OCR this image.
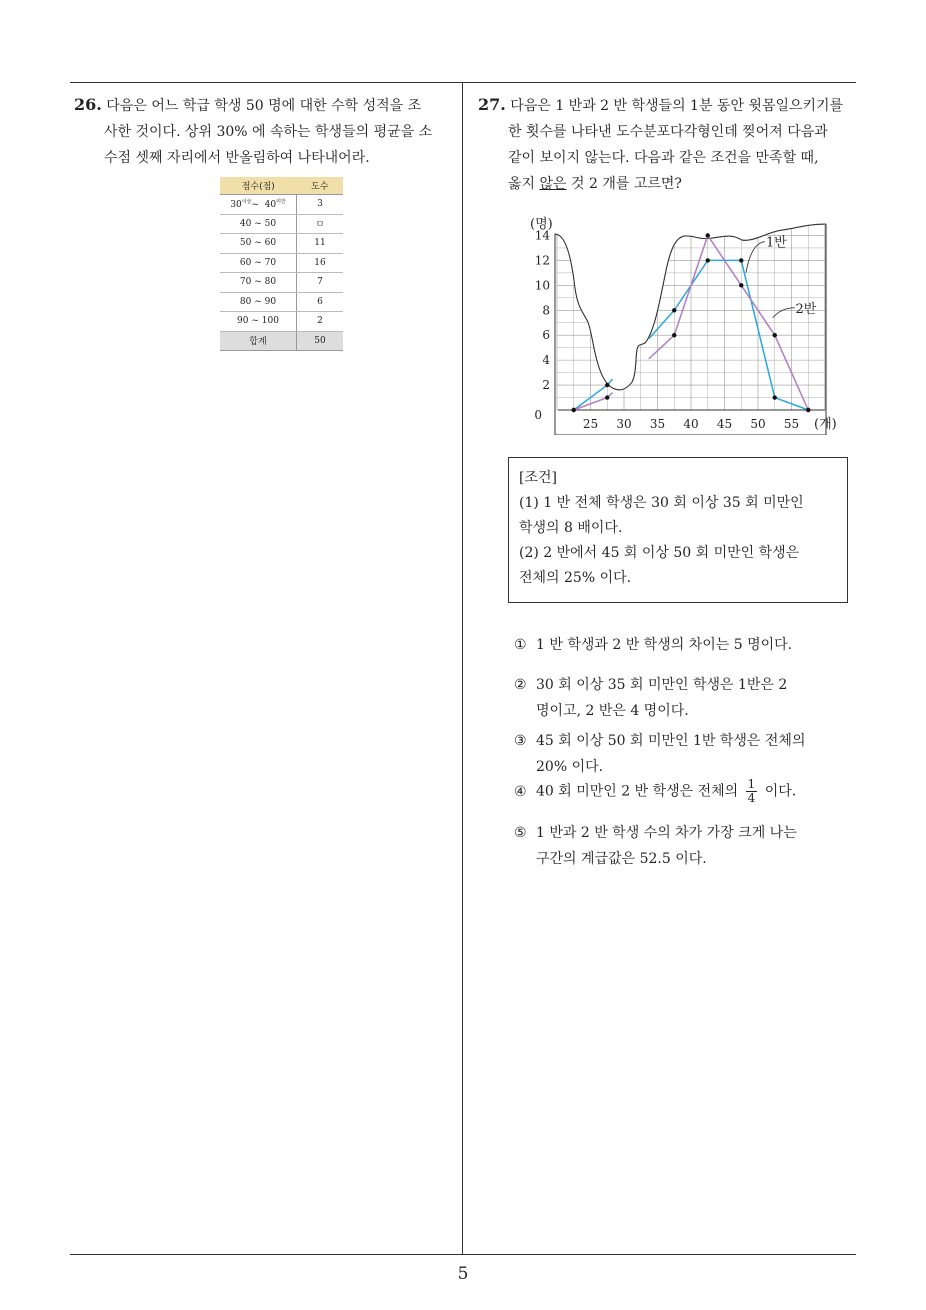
26. 다음은 어느 학급 학생 50 명에 대한 수학 성적을 조
사한 것이다. 상위 30% 에 속하는 학생들의 평균을 소
수점 셋째 자리에서 반올림하여 나타내어라.
점수(점)	도수
$30^{이상}\sim$ $40^{미만}$	3
40 ~ 50	ㅁ
50 ~ 60	11
60 ~ 70	16
70 ~ 80	7
80 ~ 90	6
90 ~ 100	2
합계	50
27. 다음은 1 반과 2 반 학생들의 1분 동안 윗몸일으키기를
한 횟수를 나타낸 도수분포다각형인데 찢어져 다음과
같이 보이지 않는다. 다음과 같은 조건을 만족할 때,
옳지 않은 것 2 개를 고르면?
0
2
4
6
8
10
12
14
25 30 35 40 45 50 55
(명)
(개)
1반
2반
[조건]
(1) 1 반 전체 학생은 30 회 이상 35 회 미만인
학생의 8 배이다.
(2) 2 반에서 45 회 이상 50 회 미만인 학생은
전체의 25% 이다.
① 1 반 학생과 2 반 학생의 차이는 5 명이다.
② 30 회 이상 35 회 미만인 학생은 1반은 2
명이고, 2 반은 4 명이다.
③ 45 회 이상 50 회 미만인 1반 학생은 전체의
20% 이다.
④ 40 회 미만인 2 반 학생은 전체의 $\frac{1}{4}$ 이다.
⑤ 1 반과 2 반 학생 수의 차가 가장 크게 나는
구간의 계급값은 52.5 이다.
5
